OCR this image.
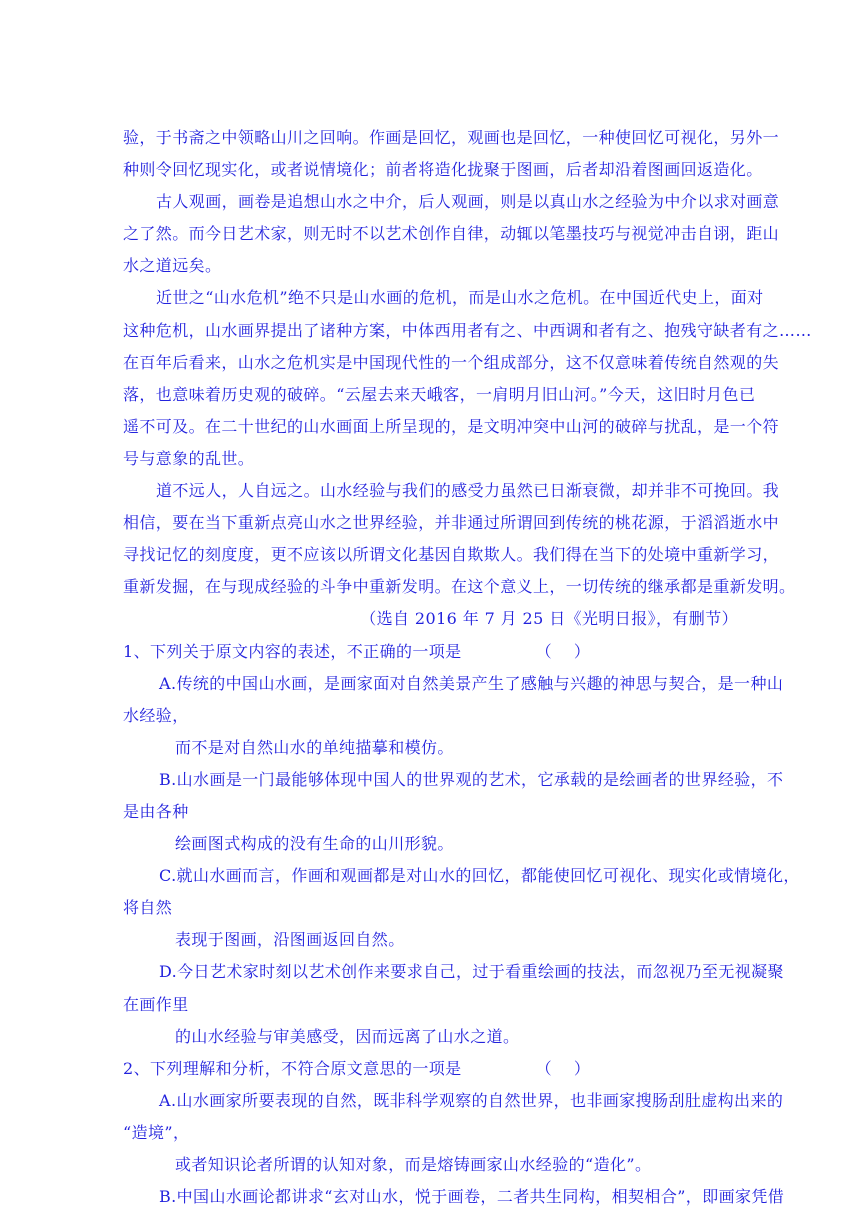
验，于书斋之中领略山川之回响。作画是回忆，观画也是回忆，一种使回忆可视化，另外一
种则令回忆现实化，或者说情境化；前者将造化拢聚于图画，后者却沿着图画回返造化。
古人观画，画卷是追想山水之中介，后人观画，则是以真山水之经验为中介以求对画意
之了然。而今日艺术家，则无时不以艺术创作自律，动辄以笔墨技巧与视觉冲击自诩，距山
水之道远矣。
近世之“山水危机”绝不只是山水画的危机，而是山水之危机。在中国近代史上，面对
这种危机，山水画界提出了诸种方案，中体西用者有之、中西调和者有之、抱残守缺者有之……
在百年后看来，山水之危机实是中国现代性的一个组成部分，这不仅意味着传统自然观的失
落，也意味着历史观的破碎。“云屋去来天峨客，一肩明月旧山河。”今天，这旧时月色已
遥不可及。在二十世纪的山水画面上所呈现的，是文明冲突中山河的破碎与扰乱，是一个符
号与意象的乱世。
道不远人，人自远之。山水经验与我们的感受力虽然已日渐衰微，却并非不可挽回。我
相信，要在当下重新点亮山水之世界经验，并非通过所谓回到传统的桃花源，于滔滔逝水中
寻找记忆的刻度度，更不应该以所谓文化基因自欺欺人。我们得在当下的处境中重新学习，
重新发掘，在与现成经验的斗争中重新发明。在这个意义上，一切传统的继承都是重新发明。
（选自 2016 年 7 月 25 日《光明日报》，有删节）
1、下列关于原文内容的表述，不正确的一项是　　　　　（　 ）
A.传统的中国山水画，是画家面对自然美景产生了感触与兴趣的神思与契合，是一种山
水经验，
而不是对自然山水的单纯描摹和模仿。
B.山水画是一门最能够体现中国人的世界观的艺术，它承载的是绘画者的世界经验，不
是由各种
绘画图式构成的没有生命的山川形貌。
C.就山水画而言，作画和观画都是对山水的回忆，都能使回忆可视化、现实化或情境化，
将自然
表现于图画，沿图画返回自然。
D.今日艺术家时刻以艺术创作来要求自己，过于看重绘画的技法，而忽视乃至无视凝聚
在画作里
的山水经验与审美感受，因而远离了山水之道。
2、下列理解和分析，不符合原文意思的一项是　　　　　（　 ）
A.山水画家所要表现的自然，既非科学观察的自然世界，也非画家搜肠刮肚虚构出来的
“造境”，
或者知识论者所谓的认知对象，而是熔铸画家山水经验的“造化”。
B.中国山水画论都讲求“玄对山水，悦于画卷，二者共生同构，相契相合”，即画家凭借
